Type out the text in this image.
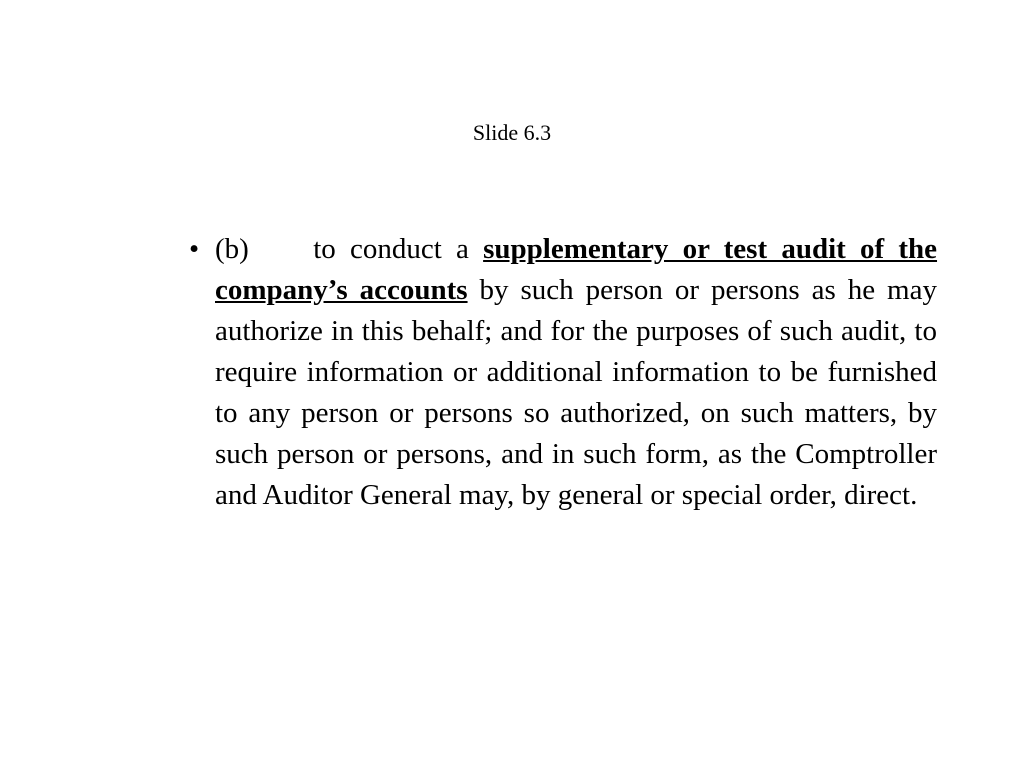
Slide 6.3
• (b) to conduct a supplementary or test audit of the company’s accounts by such person or persons as he may authorize in this behalf; and for the purposes of such audit, to require information or additional information to be furnished to any person or persons so authorized, on such matters, by such person or persons, and in such form, as the Comptroller and Auditor General may, by general or special order, direct.
